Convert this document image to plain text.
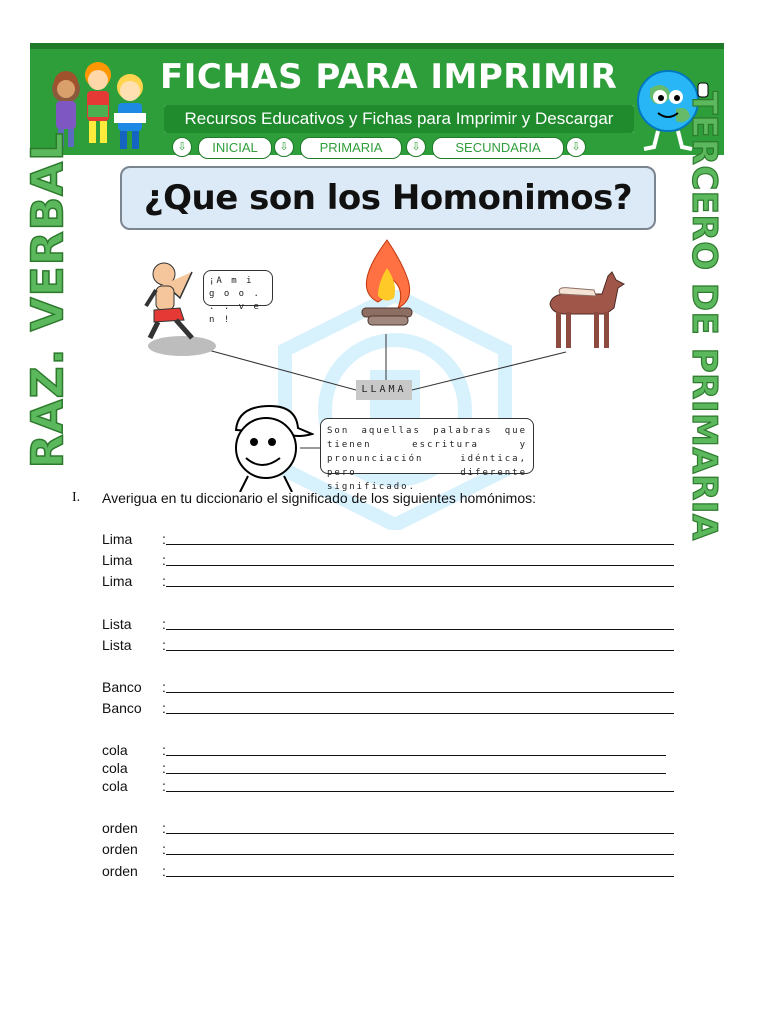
FICHAS PARA IMPRIMIR
Recursos Educativos y Fichas para Imprimir y Descargar
⇩	INICIAL	⇩	PRIMARIA	⇩	SECUNDARIA	⇩
RAZ. VERBAL	TERCERO DE PRIMARIA
¿Que son los Homonimos?
¡A m i g o o . . . v e n !
LLAMA
Son aquellas palabras que tienen escritura y pronunciación idéntica, pero diferente significado.
I. Averigua en tu diccionario el significado de los siguientes homónimos:
Lima	:
Lima	:
Lima	:
Lista	:
Lista	:
Banco	:
Banco	:
cola	:
cola	:
cola	:
orden	:
orden	:
orden	:
